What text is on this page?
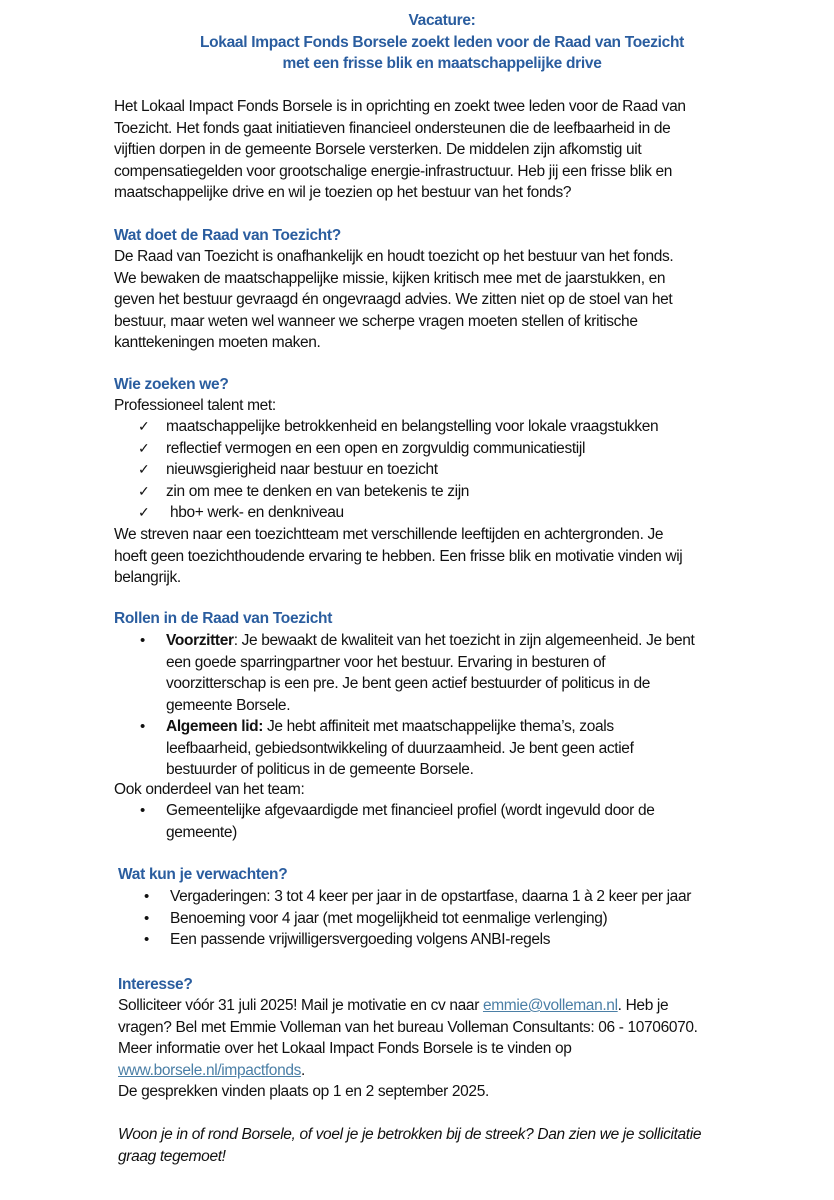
Vacature:
Lokaal Impact Fonds Borsele zoekt leden voor de Raad van Toezicht
met een frisse blik en maatschappelijke drive
Het Lokaal Impact Fonds Borsele is in oprichting en zoekt twee leden voor de Raad van
Toezicht. Het fonds gaat initiatieven financieel ondersteunen die de leefbaarheid in de
vijftien dorpen in de gemeente Borsele versterken. De middelen zijn afkomstig uit
compensatiegelden voor grootschalige energie-infrastructuur. Heb jij een frisse blik en
maatschappelijke drive en wil je toezien op het bestuur van het fonds?
Wat doet de Raad van Toezicht?
De Raad van Toezicht is onafhankelijk en houdt toezicht op het bestuur van het fonds.
We bewaken de maatschappelijke missie, kijken kritisch mee met de jaarstukken, en
geven het bestuur gevraagd én ongevraagd advies. We zitten niet op de stoel van het
bestuur, maar weten wel wanneer we scherpe vragen moeten stellen of kritische
kanttekeningen moeten maken.
Wie zoeken we?
Professioneel talent met:
✓ maatschappelijke betrokkenheid en belangstelling voor lokale vraagstukken
✓ reflectief vermogen en een open en zorgvuldig communicatiestijl
✓ nieuwsgierigheid naar bestuur en toezicht
✓ zin om mee te denken en van betekenis te zijn
✓ hbo+ werk- en denkniveau
We streven naar een toezichtteam met verschillende leeftijden en achtergronden. Je
hoeft geen toezichthoudende ervaring te hebben. Een frisse blik en motivatie vinden wij
belangrijk.
Rollen in de Raad van Toezicht
• Voorzitter: Je bewaakt de kwaliteit van het toezicht in zijn algemeenheid. Je bent
een goede sparringpartner voor het bestuur. Ervaring in besturen of
voorzitterschap is een pre. Je bent geen actief bestuurder of politicus in de
gemeente Borsele.
• Algemeen lid: Je hebt affiniteit met maatschappelijke thema’s, zoals
leefbaarheid, gebiedsontwikkeling of duurzaamheid. Je bent geen actief
bestuurder of politicus in de gemeente Borsele.
Ook onderdeel van het team:
• Gemeentelijke afgevaardigde met financieel profiel (wordt ingevuld door de
gemeente)
Wat kun je verwachten?
• Vergaderingen: 3 tot 4 keer per jaar in de opstartfase, daarna 1 à 2 keer per jaar
• Benoeming voor 4 jaar (met mogelijkheid tot eenmalige verlenging)
• Een passende vrijwilligersvergoeding volgens ANBI-regels
Interesse?
Solliciteer vóór 31 juli 2025! Mail je motivatie en cv naar emmie@volleman.nl. Heb je
vragen? Bel met Emmie Volleman van het bureau Volleman Consultants: 06 - 10706070.
Meer informatie over het Lokaal Impact Fonds Borsele is te vinden op
www.borsele.nl/impactfonds.
De gesprekken vinden plaats op 1 en 2 september 2025.
Woon je in of rond Borsele, of voel je je betrokken bij de streek? Dan zien we je sollicitatie
graag tegemoet!
